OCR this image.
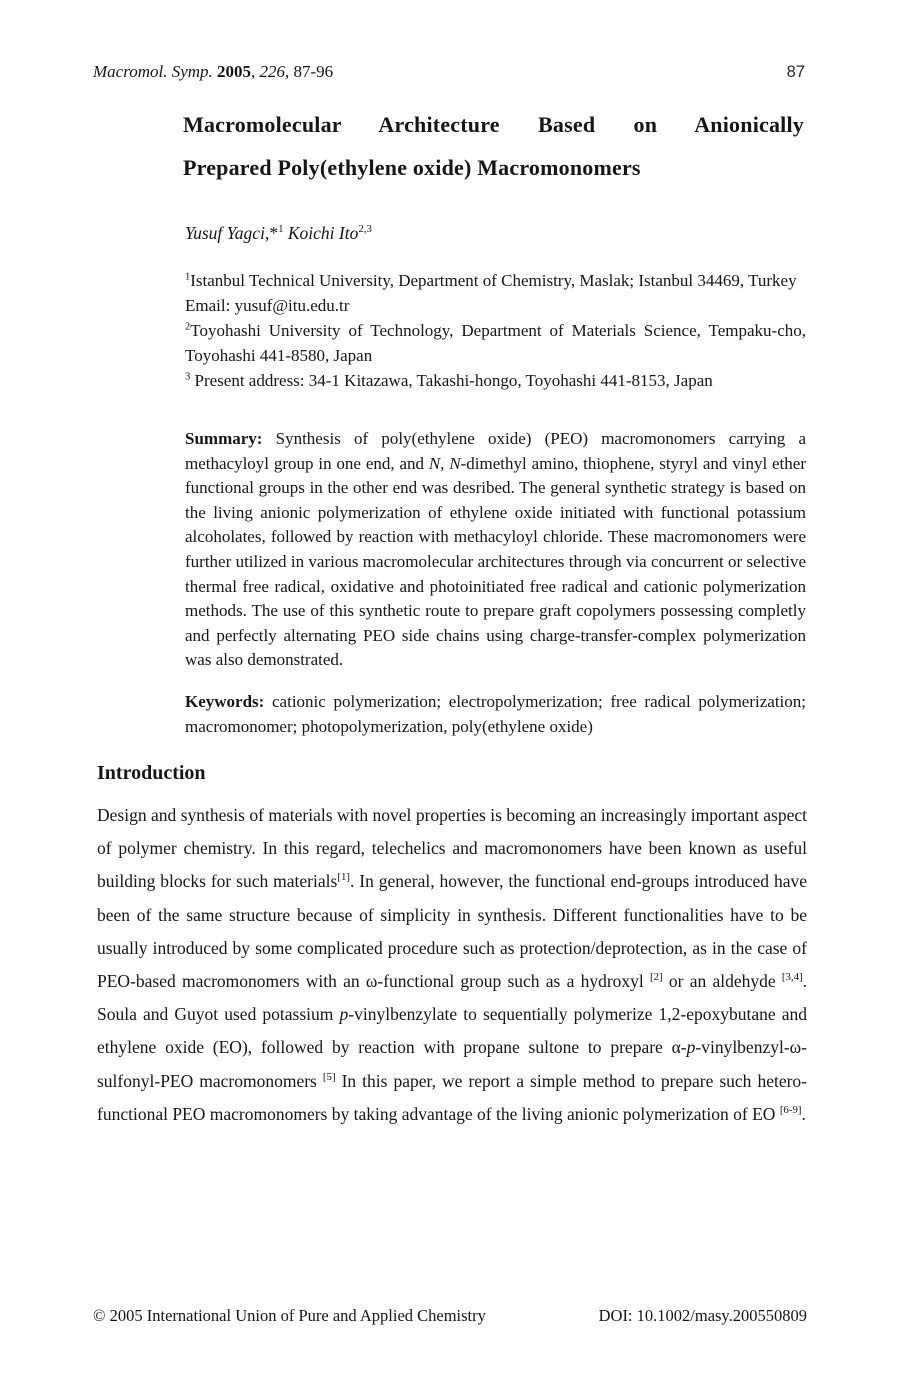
Macromol. Symp. 2005, 226, 87-96	87
Macromolecular Architecture Based on Anionically
Prepared Poly(ethylene oxide) Macromonomers
Yusuf Yagci,*$^1$ Koichi Ito$^{2,3}$
$^1$Istanbul Technical University, Department of Chemistry, Maslak; Istanbul 34469, Turkey
Email: yusuf@itu.edu.tr
$^2$Toyohashi University of Technology, Department of Materials Science, Tempaku-cho, Toyohashi 441-8580, Japan
$^3$ Present address: 34-1 Kitazawa, Takashi-hongo, Toyohashi 441-8153, Japan
Summary: Synthesis of poly(ethylene oxide) (PEO) macromonomers carrying a methacyloyl group in one end, and N, N-dimethyl amino, thiophene, styryl and vinyl ether functional groups in the other end was desribed. The general synthetic strategy is based on the living anionic polymerization of ethylene oxide initiated with functional potassium alcoholates, followed by reaction with methacyloyl chloride. These macromonomers were further utilized in various macromolecular architectures through via concurrent or selective thermal free radical, oxidative and photoinitiated free radical and cationic polymerization methods. The use of this synthetic route to prepare graft copolymers possessing completly and perfectly alternating PEO side chains using charge-transfer-complex polymerization was also demonstrated.
Keywords: cationic polymerization; electropolymerization; free radical polymerization; macromonomer; photopolymerization, poly(ethylene oxide)
Introduction
Design and synthesis of materials with novel properties is becoming an increasingly important aspect of polymer chemistry. In this regard, telechelics and macromonomers have been known as useful building blocks for such materials[1]. In general, however, the functional end-groups introduced have been of the same structure because of simplicity in synthesis. Different functionalities have to be usually introduced by some complicated procedure such as protection/deprotection, as in the case of PEO-based macromonomers with an ω-functional group such as a hydroxyl [2] or an aldehyde [3,4]. Soula and Guyot used potassium p-vinylbenzylate to sequentially polymerize 1,2-epoxybutane and ethylene oxide (EO), followed by reaction with propane sultone to prepare α-p-vinylbenzyl-ω-sulfonyl-PEO macromonomers [5] In this paper, we report a simple method to prepare such hetero-functional PEO macromonomers by taking advantage of the living anionic polymerization of EO [6-9].
© 2005 International Union of Pure and Applied Chemistry	DOI: 10.1002/masy.200550809
